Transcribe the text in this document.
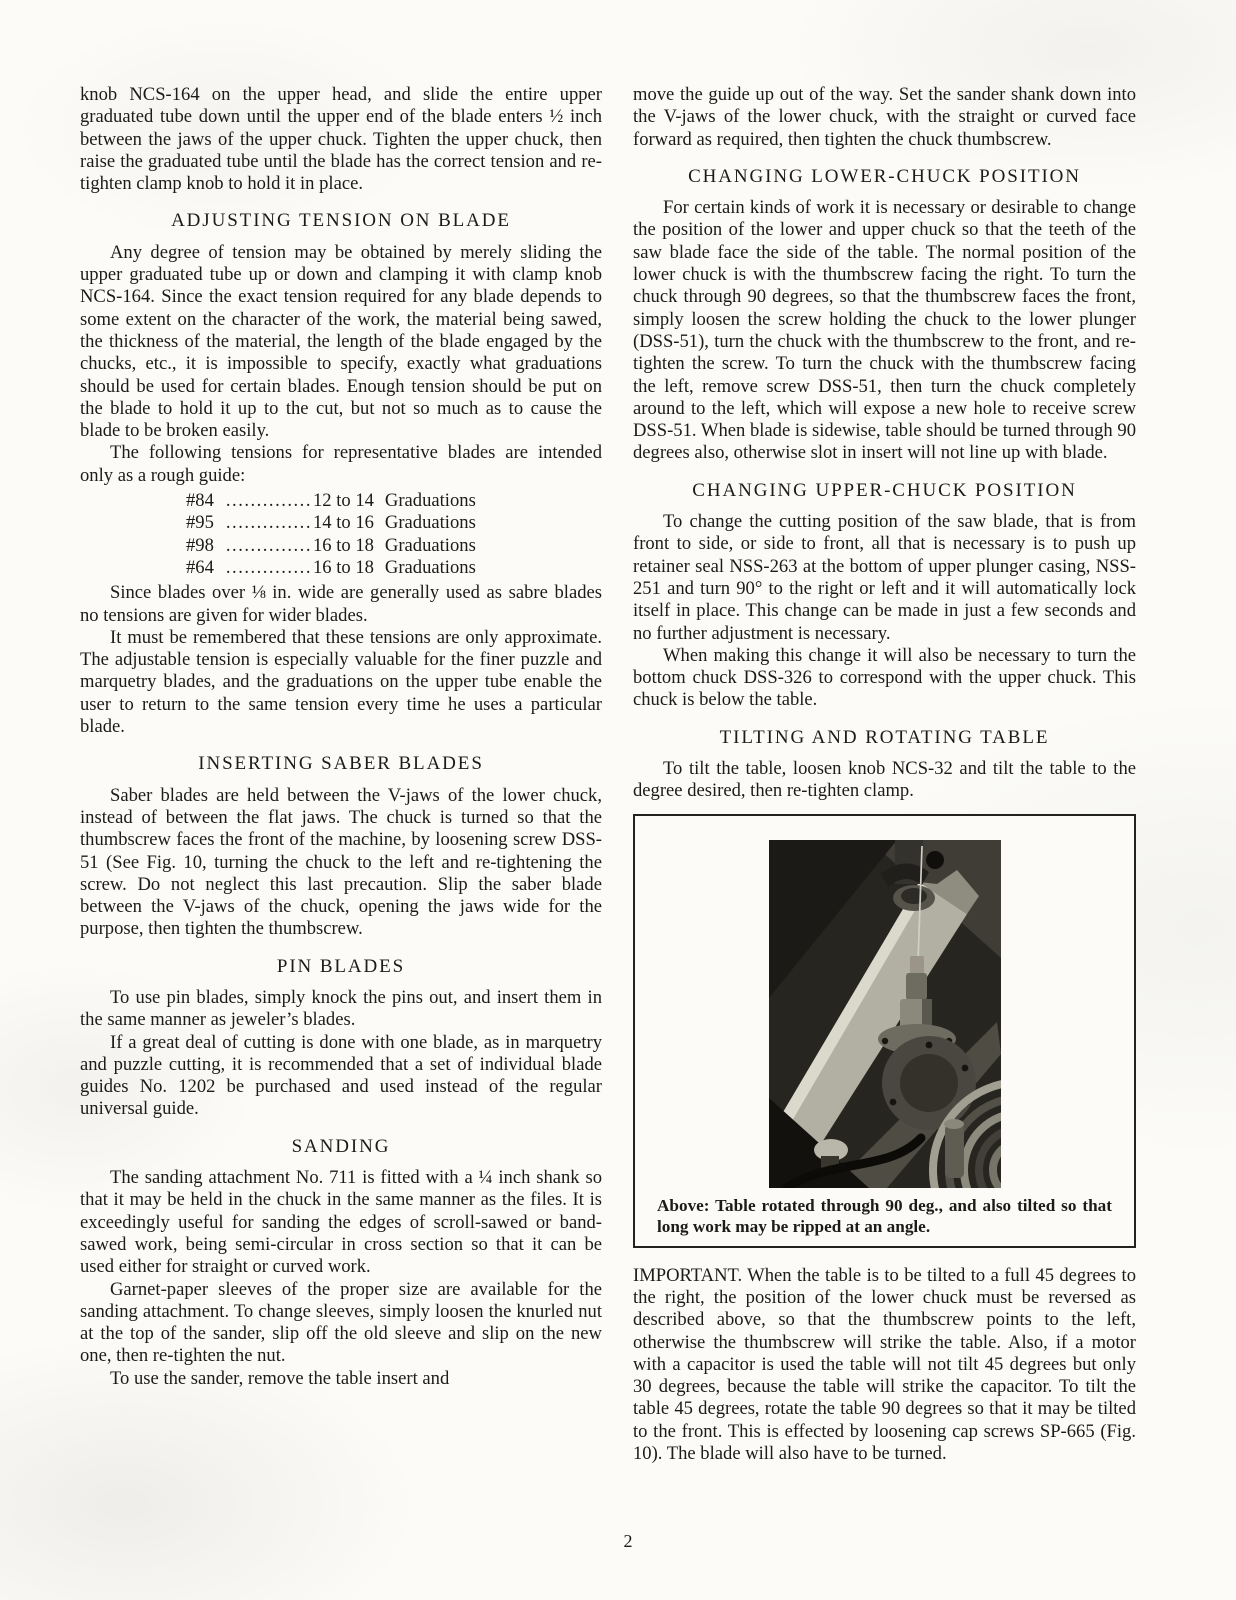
knob NCS-164 on the upper head, and slide the entire upper graduated tube down until the upper end of the blade enters ½ inch between the jaws of the upper chuck. Tighten the upper chuck, then raise the graduated tube until the blade has the correct tension and re-tighten clamp knob to hold it in place.

ADJUSTING TENSION ON BLADE

Any degree of tension may be obtained by merely sliding the upper graduated tube up or down and clamping it with clamp knob NCS-164. Since the exact tension required for any blade depends to some extent on the character of the work, the material being sawed, the thickness of the material, the length of the blade engaged by the chucks, etc., it is impossible to specify, exactly what graduations should be used for certain blades. Enough tension should be put on the blade to hold it up to the cut, but not so much as to cause the blade to be broken easily.

The following tensions for representative blades are intended only as a rough guide:

#84 ..............12 to 14 Graduations
#95 ..............14 to 16 Graduations
#98 ..............16 to 18 Graduations
#64 ..............16 to 18 Graduations

Since blades over ⅛ in. wide are generally used as sabre blades no tensions are given for wider blades.

It must be remembered that these tensions are only approximate. The adjustable tension is especially valuable for the finer puzzle and marquetry blades, and the graduations on the upper tube enable the user to return to the same tension every time he uses a particular blade.

INSERTING SABER BLADES

Saber blades are held between the V-jaws of the lower chuck, instead of between the flat jaws. The chuck is turned so that the thumbscrew faces the front of the machine, by loosening screw DSS-51 (See Fig. 10, turning the chuck to the left and re-tightening the screw. Do not neglect this last precaution. Slip the saber blade between the V-jaws of the chuck, opening the jaws wide for the purpose, then tighten the thumbscrew.

PIN BLADES

To use pin blades, simply knock the pins out, and insert them in the same manner as jeweler’s blades.

If a great deal of cutting is done with one blade, as in marquetry and puzzle cutting, it is recommended that a set of individual blade guides No. 1202 be purchased and used instead of the regular universal guide.

SANDING

The sanding attachment No. 711 is fitted with a ¼ inch shank so that it may be held in the chuck in the same manner as the files. It is exceedingly useful for sanding the edges of scroll-sawed or band-sawed work, being semi-circular in cross section so that it can be used either for straight or curved work.

Garnet-paper sleeves of the proper size are available for the sanding attachment. To change sleeves, simply loosen the knurled nut at the top of the sander, slip off the old sleeve and slip on the new one, then re-tighten the nut.

To use the sander, remove the table insert and

move the guide up out of the way. Set the sander shank down into the V-jaws of the lower chuck, with the straight or curved face forward as required, then tighten the chuck thumbscrew.

CHANGING LOWER-CHUCK POSITION

For certain kinds of work it is necessary or desirable to change the position of the lower and upper chuck so that the teeth of the saw blade face the side of the table. The normal position of the lower chuck is with the thumbscrew facing the right. To turn the chuck through 90 degrees, so that the thumbscrew faces the front, simply loosen the screw holding the chuck to the lower plunger (DSS-51), turn the chuck with the thumbscrew to the front, and re-tighten the screw. To turn the chuck with the thumbscrew facing the left, remove screw DSS-51, then turn the chuck completely around to the left, which will expose a new hole to receive screw DSS-51. When blade is sidewise, table should be turned through 90 degrees also, otherwise slot in insert will not line up with blade.

CHANGING UPPER-CHUCK POSITION

To change the cutting position of the saw blade, that is from front to side, or side to front, all that is necessary is to push up retainer seal NSS-263 at the bottom of upper plunger casing, NSS-251 and turn 90° to the right or left and it will automatically lock itself in place. This change can be made in just a few seconds and no further adjustment is necessary.

When making this change it will also be necessary to turn the bottom chuck DSS-326 to correspond with the upper chuck. This chuck is below the table.

TILTING AND ROTATING TABLE

To tilt the table, loosen knob NCS-32 and tilt the table to the degree desired, then re-tighten clamp.

Above: Table rotated through 90 deg., and also tilted so that long work may be ripped at an angle.

IMPORTANT. When the table is to be tilted to a full 45 degrees to the right, the position of the lower chuck must be reversed as described above, so that the thumbscrew points to the left, otherwise the thumbscrew will strike the table. Also, if a motor with a capacitor is used the table will not tilt 45 degrees but only 30 degrees, because the table will strike the capacitor. To tilt the table 45 degrees, rotate the table 90 degrees so that it may be tilted to the front. This is effected by loosening cap screws SP-665 (Fig. 10). The blade will also have to be turned.

2
